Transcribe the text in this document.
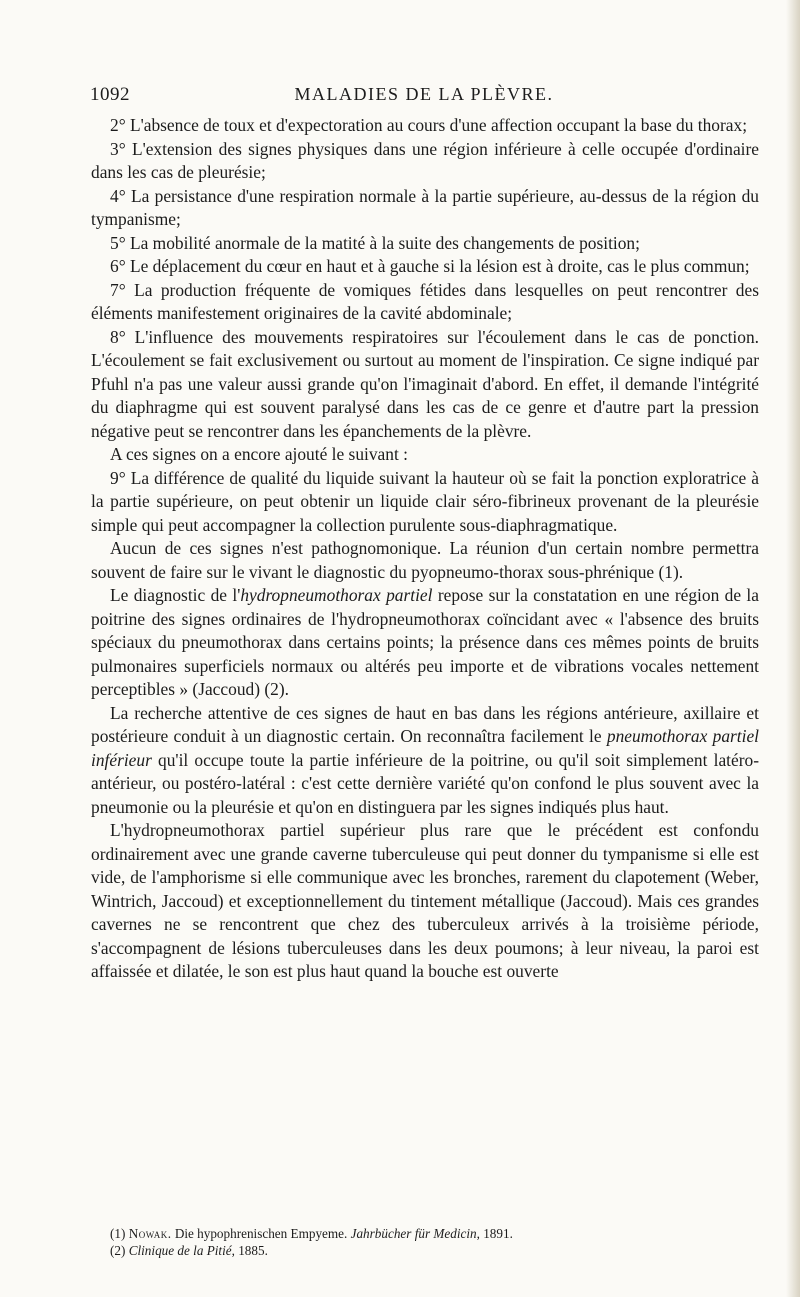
1092	MALADIES DE LA PLÈVRE.

2° L'absence de toux et d'expectoration au cours d'une affection occupant la base du thorax;

3° L'extension des signes physiques dans une région inférieure à celle occupée d'ordinaire dans les cas de pleurésie;

4° La persistance d'une respiration normale à la partie supérieure, au-dessus de la région du tympanisme;

5° La mobilité anormale de la matité à la suite des changements de position;

6° Le déplacement du cœur en haut et à gauche si la lésion est à droite, cas le plus commun;

7° La production fréquente de vomiques fétides dans lesquelles on peut rencontrer des éléments manifestement originaires de la cavité abdominale;

8° L'influence des mouvements respiratoires sur l'écoulement dans le cas de ponction. L'écoulement se fait exclusivement ou surtout au moment de l'inspiration. Ce signe indiqué par Pfuhl n'a pas une valeur aussi grande qu'on l'imaginait d'abord. En effet, il demande l'intégrité du diaphragme qui est souvent paralysé dans les cas de ce genre et d'autre part la pression négative peut se rencontrer dans les épanchements de la plèvre.

A ces signes on a encore ajouté le suivant :

9° La différence de qualité du liquide suivant la hauteur où se fait la ponction exploratrice à la partie supérieure, on peut obtenir un liquide clair séro-fibrineux provenant de la pleurésie simple qui peut accompagner la collection purulente sous-diaphragmatique.

Aucun de ces signes n'est pathognomonique. La réunion d'un certain nombre permettra souvent de faire sur le vivant le diagnostic du pyopneumo-thorax sous-phrénique (1).

Le diagnostic de l'hydropneumothorax partiel repose sur la constatation en une région de la poitrine des signes ordinaires de l'hydropneumothorax coïncidant avec « l'absence des bruits spéciaux du pneumothorax dans certains points; la présence dans ces mêmes points de bruits pulmonaires superficiels normaux ou altérés peu importe et de vibrations vocales nettement perceptibles » (Jaccoud) (2).

La recherche attentive de ces signes de haut en bas dans les régions antérieure, axillaire et postérieure conduit à un diagnostic certain. On reconnaîtra facilement le pneumothorax partiel inférieur qu'il occupe toute la partie inférieure de la poitrine, ou qu'il soit simplement latéro-antérieur, ou postéro-latéral : c'est cette dernière variété qu'on confond le plus souvent avec la pneumonie ou la pleurésie et qu'on en distinguera par les signes indiqués plus haut.

L'hydropneumothorax partiel supérieur plus rare que le précédent est confondu ordinairement avec une grande caverne tuberculeuse qui peut donner du tympanisme si elle est vide, de l'amphorisme si elle communique avec les bronches, rarement du clapotement (Weber, Wintrich, Jaccoud) et exceptionnellement du tintement métallique (Jaccoud). Mais ces grandes cavernes ne se rencontrent que chez des tuberculeux arrivés à la troisième période, s'accompagnent de lésions tuberculeuses dans les deux poumons; à leur niveau, la paroi est affaissée et dilatée, le son est plus haut quand la bouche est ouverte

(1) Nowak. Die hypophrenischen Empyeme. Jahrbücher für Medicin, 1891.

(2) Clinique de la Pitié, 1885.
